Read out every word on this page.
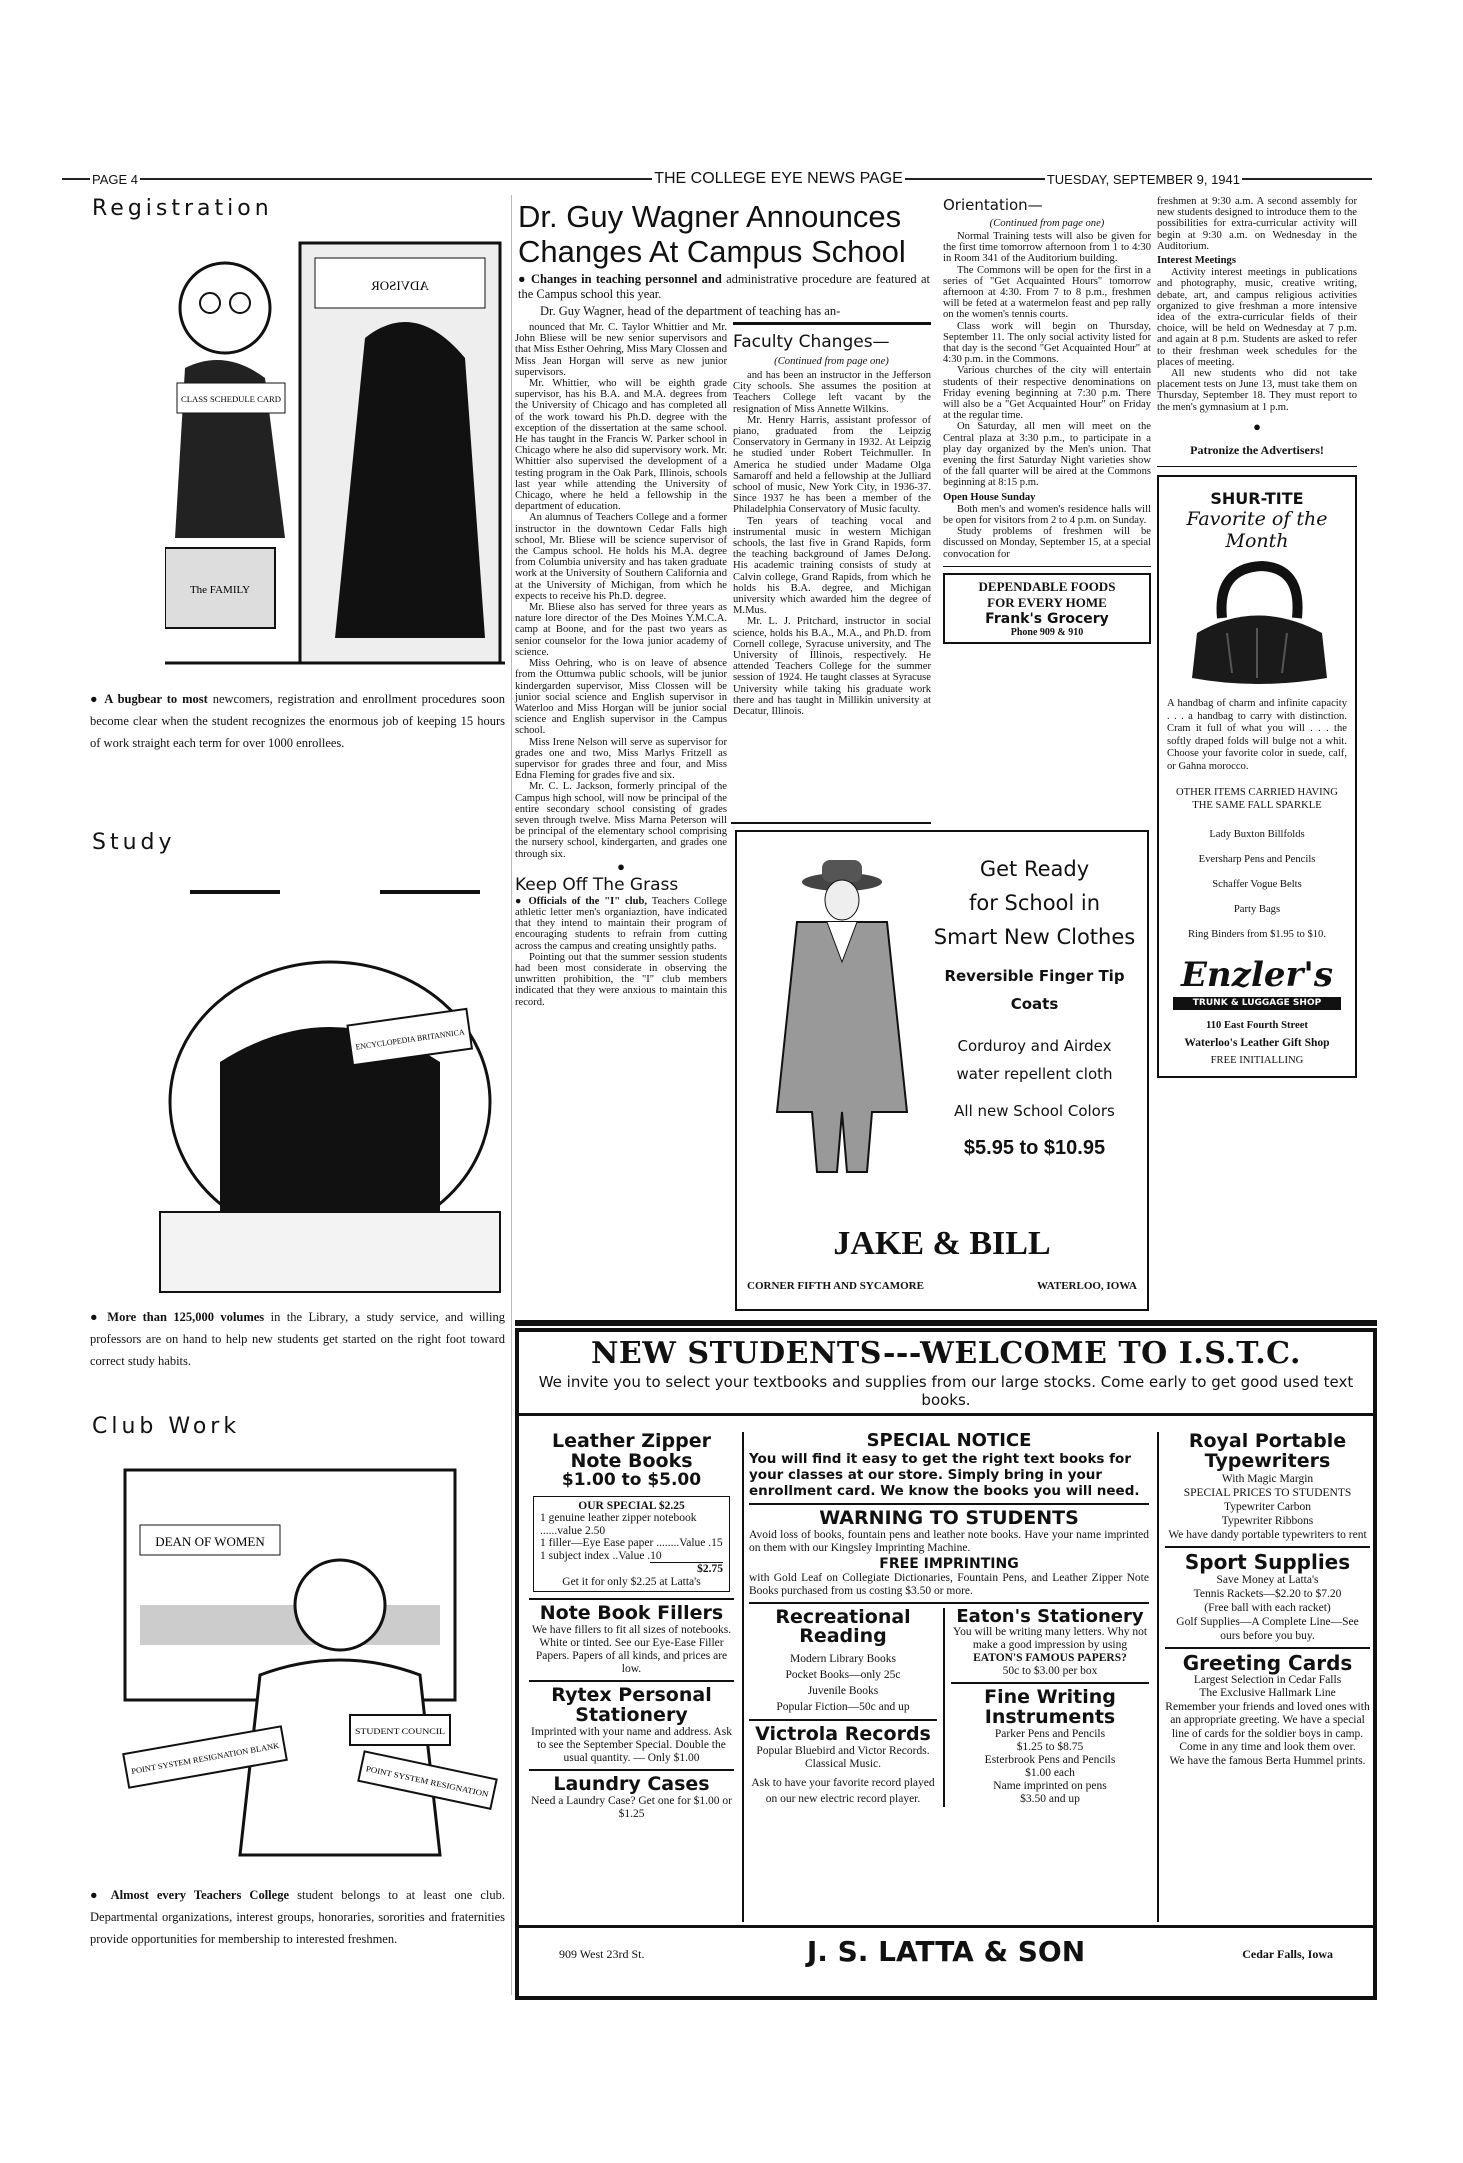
PAGE 4	THE COLLEGE EYE NEWS PAGE	TUESDAY, SEPTEMBER 9, 1941
Registration
ADVISOR
CLASS SCHEDULE CARD
The FAMILY
● A bugbear to most newcomers, registration and enrollment procedures soon become clear when the student recognizes the enormous job of keeping 15 hours of work straight each term for over 1000 enrollees.
Study
ENCYCLOPEDIA BRITANNICA
● More than 125,000 volumes in the Library, a study service, and willing professors are on hand to help new students get started on the right foot toward correct study habits.
Club Work
DEAN OF WOMEN
POINT SYSTEM RESIGNATION BLANK
STUDENT COUNCIL
POINT SYSTEM RESIGNATION
● Almost every Teachers College student belongs to at least one club. Departmental organizations, interest groups, honoraries, sororities and fraternities provide opportunities for membership to interested freshmen.
Dr. Guy Wagner Announces Changes At Campus School
● Changes in teaching personnel and administrative procedure are featured at the Campus school this year.
Dr. Guy Wagner, head of the department of teaching has an-

nounced that Mr. C. Taylor Whittier and Mr. John Bliese will be new senior supervisors and that Miss Esther Oehring, Miss Mary Clossen and Miss Jean Horgan will serve as new junior supervisors.

Mr. Whittier, who will be eighth grade supervisor, has his B.A. and M.A. degrees from the University of Chicago and has completed all of the work toward his Ph.D. degree with the exception of the dissertation at the same school. He has taught in the Francis W. Parker school in Chicago where he also did supervisory work. Mr. Whittier also supervised the development of a testing program in the Oak Park, Illinois, schools last year while attending the University of Chicago, where he held a fellowship in the department of education.

An alumnus of Teachers College and a former instructor in the downtown Cedar Falls high school, Mr. Bliese will be science supervisor of the Campus school. He holds his M.A. degree from Columbia university and has taken graduate work at the University of Southern California and at the University of Michigan, from which he expects to receive his Ph.D. degree.

Mr. Bliese also has served for three years as nature lore director of the Des Moines Y.M.C.A. camp at Boone, and for the past two years as senior counselor for the Iowa junior academy of science.

Miss Oehring, who is on leave of absence from the Ottumwa public schools, will be junior kindergarden supervisor, Miss Clossen will be junior social science and English supervisor in Waterloo and Miss Horgan will be junior social science and English supervisor in the Campus school.

Miss Irene Nelson will serve as supervisor for grades one and two, Miss Marlys Fritzell as supervisor for grades three and four, and Miss Edna Fleming for grades five and six.

Mr. C. L. Jackson, formerly principal of the Campus high school, will now be principal of the entire secondary school consisting of grades seven through twelve. Miss Marna Peterson will be principal of the elementary school comprising the nursery school, kindergarten, and grades one through six.

●
Keep Off The Grass

● Officials of the "I" club, Teachers College athletic letter men's organiaztion, have indicated that they intend to maintain their program of encouraging students to refrain from cutting across the campus and creating unsightly paths.

Pointing out that the summer session students had been most considerate in observing the unwritten prohibition, the "I" club members indicated that they were anxious to maintain this record.

Faculty Changes—
(Continued from page one)

and has been an instructor in the Jefferson City schools. She assumes the position at Teachers College left vacant by the resignation of Miss Annette Wilkins.

Mr. Henry Harris, assistant professor of piano, graduated from the Leipzig Conservatory in Germany in 1932. At Leipzig he studied under Robert Teichmuller. In America he studied under Madame Olga Samaroff and held a fellowship at the Julliard school of music, New York City, in 1936-37. Since 1937 he has been a member of the Philadelphia Conservatory of Music faculty.

Ten years of teaching vocal and instrumental music in western Michigan schools, the last five in Grand Rapids, form the teaching background of James DeJong. His academic training consists of study at Calvin college, Grand Rapids, from which he holds his B.A. degree, and Michigan university which awarded him the degree of M.Mus.

Mr. L. J. Pritchard, instructor in social science, holds his B.A., M.A., and Ph.D. from Cornell college, Syracuse university, and The University of Illinois, respectively. He attended Teachers College for the summer session of 1924. He taught classes at Syracuse University while taking his graduate work there and has taught in Millikin university at Decatur, Illinois.

Get Ready
for School in
Smart New Clothes
Reversible Finger Tip Coats
Corduroy and Airdex
water repellent cloth
All new School Colors
$5.95 to $10.95
JAKE & BILL
CORNER FIFTH AND SYCAMORE	WATERLOO, IOWA
Orientation—
(Continued from page one)

Normal Training tests will also be given for the first time tomorrow afternoon from 1 to 4:30 in Room 341 of the Auditorium building.

The Commons will be open for the first in a series of "Get Acquainted Hours" tomorrow afternoon at 4:30. From 7 to 8 p.m., freshmen will be feted at a watermelon feast and pep rally on the women's tennis courts.

Class work will begin on Thursday, September 11. The only social activity listed for that day is the second "Get Acquainted Hour" at 4:30 p.m. in the Commons.

Various churches of the city will entertain students of their respective denominations on Friday evening beginning at 7:30 p.m. There will also be a "Get Acquainted Hour" on Friday at the regular time.

On Saturday, all men will meet on the Central plaza at 3:30 p.m., to participate in a play day organized by the Men's union. That evening the first Saturday Night varieties show of the fall quarter will be aired at the Commons beginning at 8:15 p.m.

Open House Sunday

Both men's and women's residence halls will be open for visitors from 2 to 4 p.m. on Sunday.

Study problems of freshmen will be discussed on Monday, September 15, at a special convocation for

DEPENDABLE FOODS
FOR EVERY HOME
Frank's Grocery
Phone 909 & 910

freshmen at 9:30 a.m. A second assembly for new students designed to introduce them to the possibilities for extra-curricular activity will begin at 9:30 a.m. on Wednesday in the Auditorium.

Interest Meetings

Activity interest meetings in publications and photography, music, creative writing, debate, art, and campus religious activities organized to give freshman a more intensive idea of the extra-curricular fields of their choice, will be held on Wednesday at 7 p.m. and again at 8 p.m. Students are asked to refer to their freshman week schedules for the places of meeting.

All new students who did not take placement tests on June 13, must take them on Thursday, September 18. They must report to the men's gymnasium at 1 p.m.

●
Patronize the Advertisers!
SHUR-TITE
Favorite of the Month
A handbag of charm and infinite capacity . . . a handbag to carry with distinction. Cram it full of what you will . . . the softly draped folds will bulge not a whit. Choose your favorite color in suede, calf, or Gahna morocco.
OTHER ITEMS CARRIED HAVING THE SAME FALL SPARKLE
Lady Buxton Billfolds
Eversharp Pens and Pencils
Schaffer Vogue Belts
Party Bags
Ring Binders from $1.95 to $10.
Enzler's
TRUNK & LUGGAGE SHOP
110 East Fourth Street
Waterloo's Leather Gift Shop
FREE INITIALLING
NEW STUDENTS---WELCOME TO I.S.T.C.
We invite you to select your textbooks and supplies from our large stocks. Come early to get good used text books.
Leather Zipper Note Books
$1.00 to $5.00
OUR SPECIAL $2.25
1 genuine leather zipper notebook ......value 2.50
1 filler—Eye Ease paper ........Value .15
1 subject index ..Value .10
$2.75
Get it for only $2.25 at Latta's
Note Book Fillers
We have fillers to fit all sizes of notebooks. White or tinted. See our Eye-Ease Filler Papers. Papers of all kinds, and prices are low.
Rytex Personal Stationery
Imprinted with your name and address. Ask to see the September Special. Double the usual quantity. — Only $1.00
Laundry Cases
Need a Laundry Case? Get one for $1.00 or $1.25
SPECIAL NOTICE
You will find it easy to get the right text books for your classes at our store. Simply bring in your enrollment card. We know the books you will need.
WARNING TO STUDENTS
Avoid loss of books, fountain pens and leather note books. Have your name imprinted on them with our Kingsley Imprinting Machine.
FREE IMPRINTING
with Gold Leaf on Collegiate Dictionaries, Fountain Pens, and Leather Zipper Note Books purchased from us costing $3.50 or more.
Recreational Reading
Modern Library Books
Pocket Books—only 25c
Juvenile Books
Popular Fiction—50c and up
Victrola Records
Popular Bluebird and Victor Records. Classical Music.
Ask to have your favorite record played on our new electric record player.
Eaton's Stationery
You will be writing many letters. Why not make a good impression by using
EATON'S FAMOUS PAPERS?
50c to $3.00 per box
Fine Writing Instruments
Parker Pens and Pencils
$1.25 to $8.75
Esterbrook Pens and Pencils
$1.00 each
Name imprinted on pens
$3.50 and up
Royal Portable Typewriters
With Magic Margin
SPECIAL PRICES TO STUDENTS
Typewriter Carbon
Typewriter Ribbons
We have dandy portable typewriters to rent
Sport Supplies
Save Money at Latta's
Tennis Rackets—$2.20 to $7.20
(Free ball with each racket)
Golf Supplies—A Complete Line—See ours before you buy.
Greeting Cards
Largest Selection in Cedar Falls
The Exclusive Hallmark Line
Remember your friends and loved ones with an appropriate greeting. We have a special line of cards for the soldier boys in camp.
Come in any time and look them over.
We have the famous Berta Hummel prints.
909 West 23rd St.	J. S. LATTA & SON	Cedar Falls, Iowa
